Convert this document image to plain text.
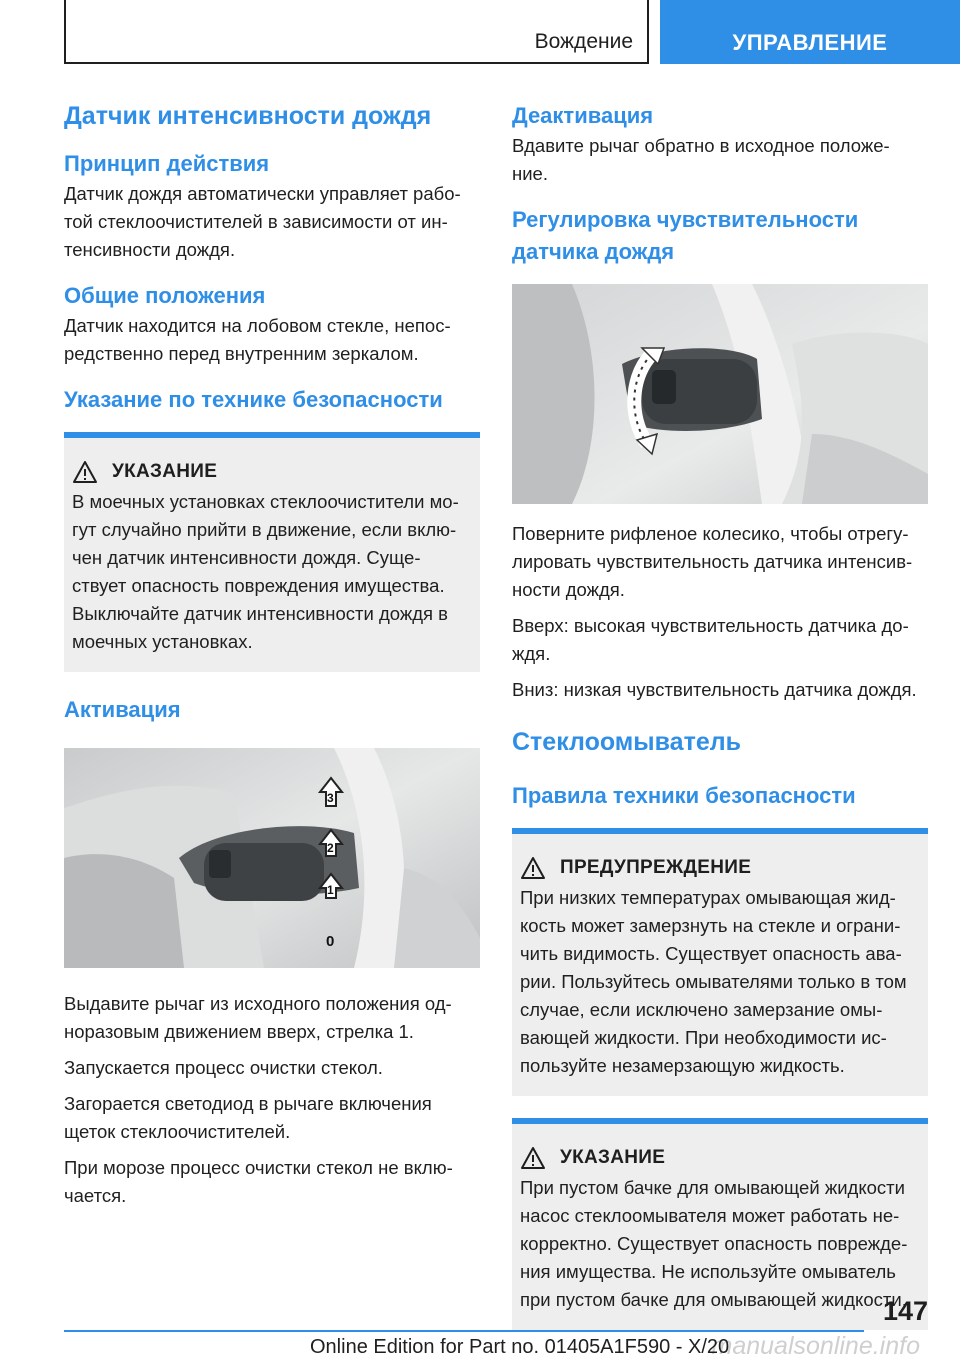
Вождение	УПРАВЛЕНИЕ
Датчик интенсивности дождя
Принцип действия

Датчик дождя автоматически управляет рабо-

той стеклоочистителей в зависимости от ин-

тенсивности дождя.

Общие положения

Датчик находится на лобовом стекле, непос-

редственно перед внутренним зеркалом.

Указание по технике безопасности
УКАЗАНИЕ

В моечных установках стеклоочистители мо-

гут случайно прийти в движение, если вклю-

чен датчик интенсивности дождя. Суще-

ствует опасность повреждения имущества.

Выключайте датчик интенсивности дождя в

моечных установках.

Активация
0
1
2
3

Выдавите рычаг из исходного положения од-

норазовым движением вверх, стрелка 1.

Запускается процесс очистки стекол.

Загорается светодиод в рычаге включения

щеток стеклоочистителей.

При морозе процесс очистки стекол не вклю-

чается.

Деактивация

Вдавите рычаг обратно в исходное положе-

ние.

Регулировка чувствительности
датчика дождя

Поверните рифленое колесико, чтобы отрегу-

лировать чувствительность датчика интенсив-

ности дождя.

Вверх: высокая чувствительность датчика до-

ждя.

Вниз: низкая чувствительность датчика дождя.

Стеклоомыватель
Правила техники безопасности
ПРЕДУПРЕЖДЕНИЕ

При низких температурах омывающая жид-

кость может замерзнуть на стекле и ограни-

чить видимость. Существует опасность ава-

рии. Пользуйтесь омывателями только в том

случае, если исключено замерзание омы-

вающей жидкости. При необходимости ис-

пользуйте незамерзающую жидкость.

УКАЗАНИЕ

При пустом бачке для омывающей жидкости

насос стеклоомывателя может работать не-

корректно. Существует опасность поврежде-

ния имущества. Не используйте омыватель

при пустом бачке для омывающей жидкости.

147
manualsonline.info
Online Edition for Part no. 01405A1F590 - X/20
